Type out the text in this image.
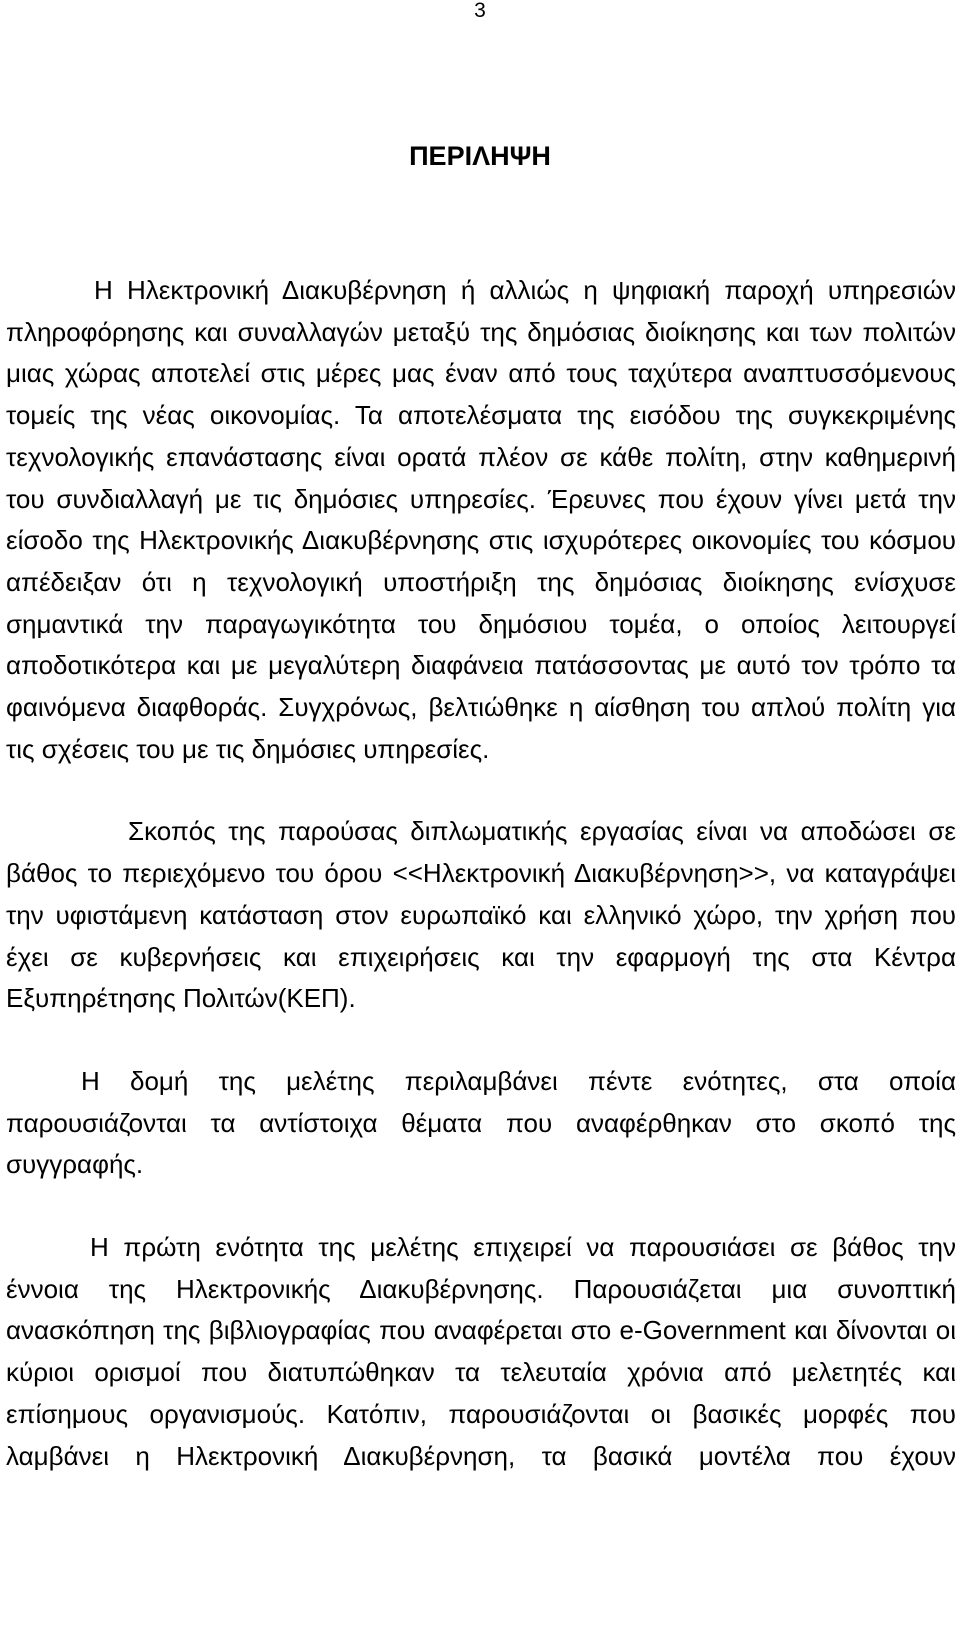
3
ΠΕΡΙΛΗΨΗ

Η Ηλεκτρονική Διακυβέρνηση ή αλλιώς η ψηφιακή παροχή υπηρεσιών πληροφόρησης και συναλλαγών μεταξύ της δημόσιας διοίκησης και των πολιτών μιας χώρας αποτελεί στις μέρες μας έναν από τους ταχύτερα αναπτυσσόμενους τομείς της νέας οικονομίας. Τα αποτελέσματα της εισόδου της συγκεκριμένης τεχνολογικής επανάστασης είναι ορατά πλέον σε κάθε πολίτη, στην καθημερινή του συνδιαλλαγή με τις δημόσιες υπηρεσίες. Έρευνες που έχουν γίνει μετά την είσοδο της Ηλεκτρονικής Διακυβέρνησης στις ισχυρότερες οικονομίες του κόσμου απέδειξαν ότι η τεχνολογική υποστήριξη της δημόσιας διοίκησης ενίσχυσε σημαντικά την παραγωγικότητα του δημόσιου τομέα, ο οποίος λειτουργεί αποδοτικότερα και με μεγαλύτερη διαφάνεια πατάσσοντας με αυτό τον τρόπο τα φαινόμενα διαφθοράς. Συγχρόνως, βελτιώθηκε η αίσθηση του απλού πολίτη για τις σχέσεις του με τις δημόσιες υπηρεσίες.

Σκοπός της παρούσας διπλωματικής εργασίας είναι να αποδώσει σε βάθος το περιεχόμενο του όρου <<Ηλεκτρονική Διακυβέρνηση>>, να καταγράψει την υφιστάμενη κατάσταση στον ευρωπαϊκό και ελληνικό χώρο, την χρήση που έχει σε κυβερνήσεις και επιχειρήσεις και την εφαρμογή της στα Κέντρα Εξυπηρέτησης Πολιτών(ΚΕΠ).

Η δομή της μελέτης περιλαμβάνει πέντε ενότητες, στα οποία παρουσιάζονται τα αντίστοιχα θέματα που αναφέρθηκαν στο σκοπό της συγγραφής.

Η πρώτη ενότητα της μελέτης επιχειρεί να παρουσιάσει σε βάθος την έννοια της Ηλεκτρονικής Διακυβέρνησης. Παρουσιάζεται μια συνοπτική ανασκόπηση της βιβλιογραφίας που αναφέρεται στο e-Government και δίνονται οι κύριοι ορισμοί που διατυπώθηκαν τα τελευταία χρόνια από μελετητές και επίσημους οργανισμούς. Κατόπιν, παρουσιάζονται οι βασικές μορφές που λαμβάνει η Ηλεκτρονική Διακυβέρνηση, τα βασικά μοντέλα που έχουν
